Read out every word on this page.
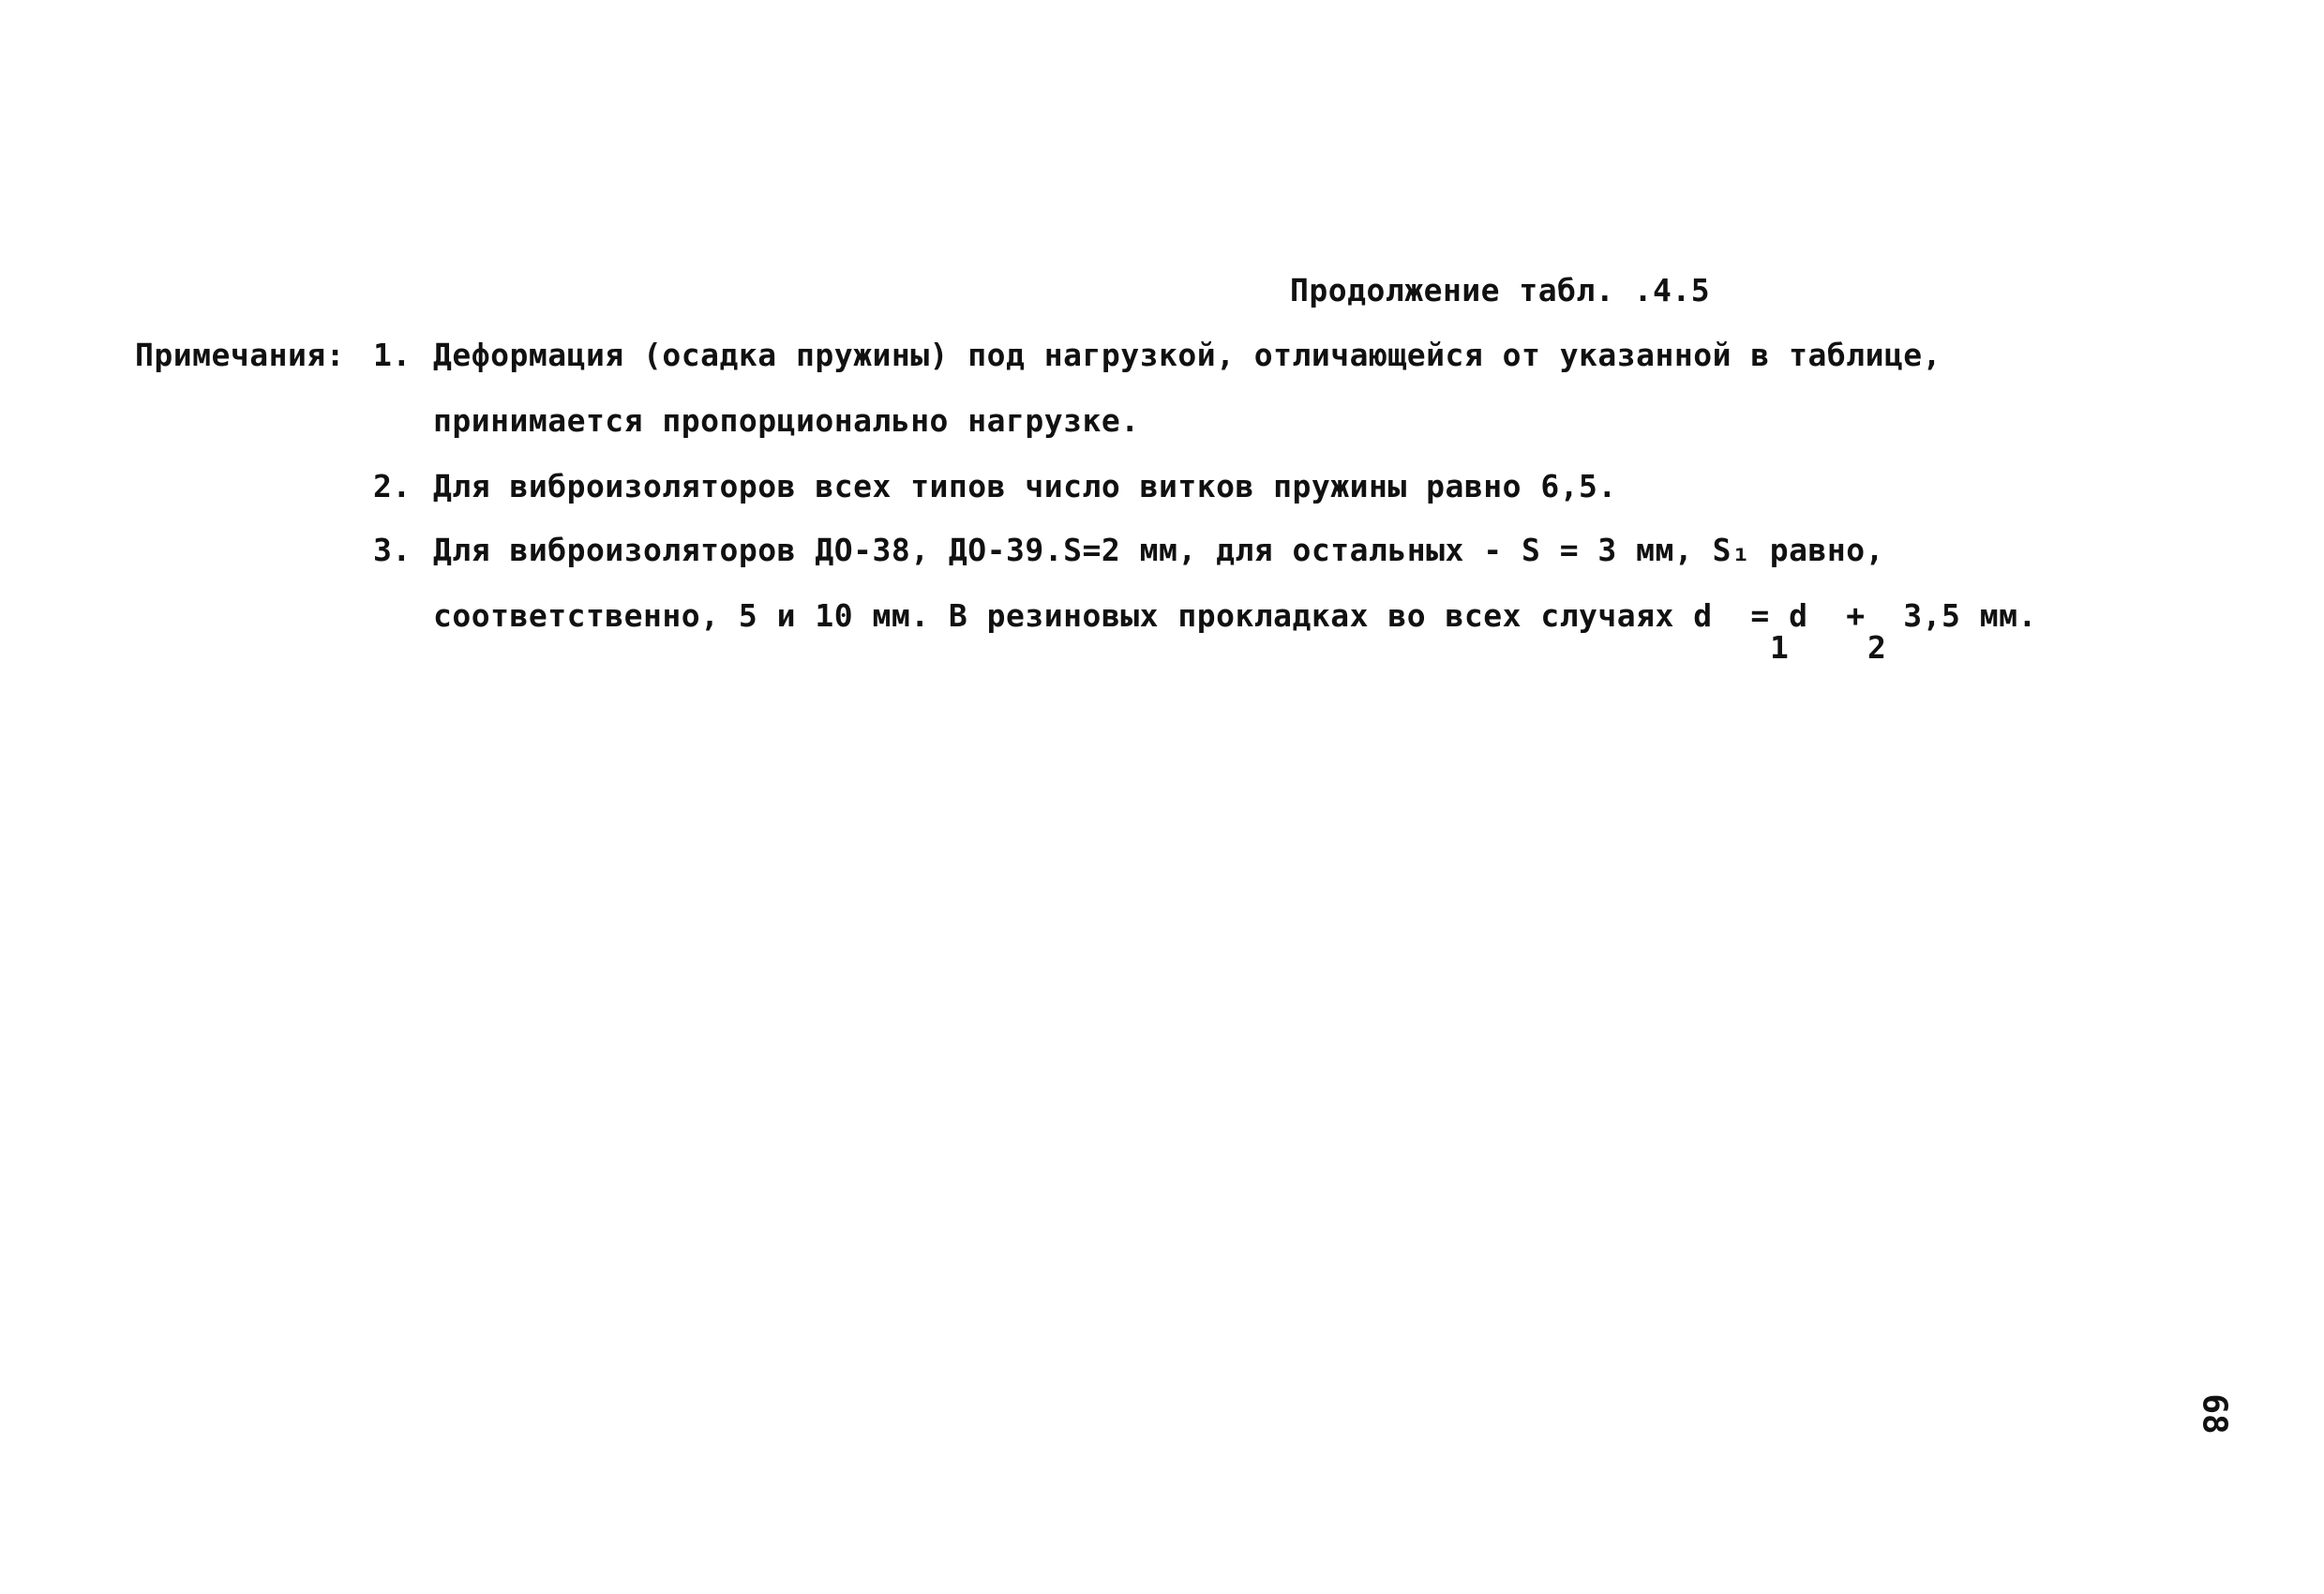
Продолжение табл. .4.5
Примечания: 1. Деформация (осадка пружины) под нагрузкой, отличающейся от указанной в таблице,
принимается пропорционально нагрузке.
2. Для виброизоляторов всех типов число витков пружины равно 6,5.
3. Для виброизоляторов ДО-38, ДО-39.S=2 мм, для остальных - S = 3 мм, S₁ равно,
соответственно, 5 и 10 мм. В резиновых прокладках во всех случаях d  = d  +  3,5 мм.
1	2
68
